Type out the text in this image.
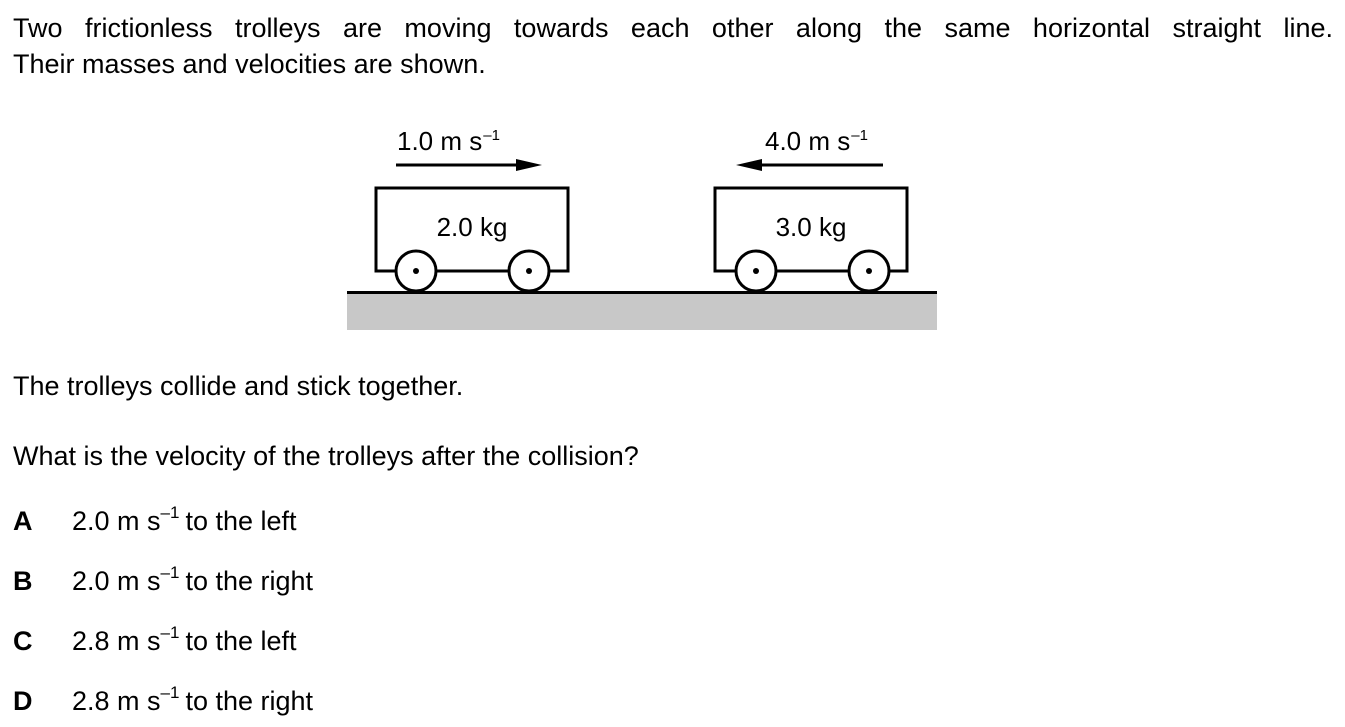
Two frictionless trolleys are moving towards each other along the same horizontal straight line.
Their masses and velocities are shown.
1.0 m $s^{-1}$	4.0 m $s^{-1}$
2.0 kg	3.0 kg
The trolleys collide and stick together.
What is the velocity of the trolleys after the collision?
A 2.0 m $s^{-1}$ to the left
B 2.0 m $s^{-1}$ to the right
C 2.8 m $s^{-1}$ to the left
D 2.8 m $s^{-1}$ to the right
